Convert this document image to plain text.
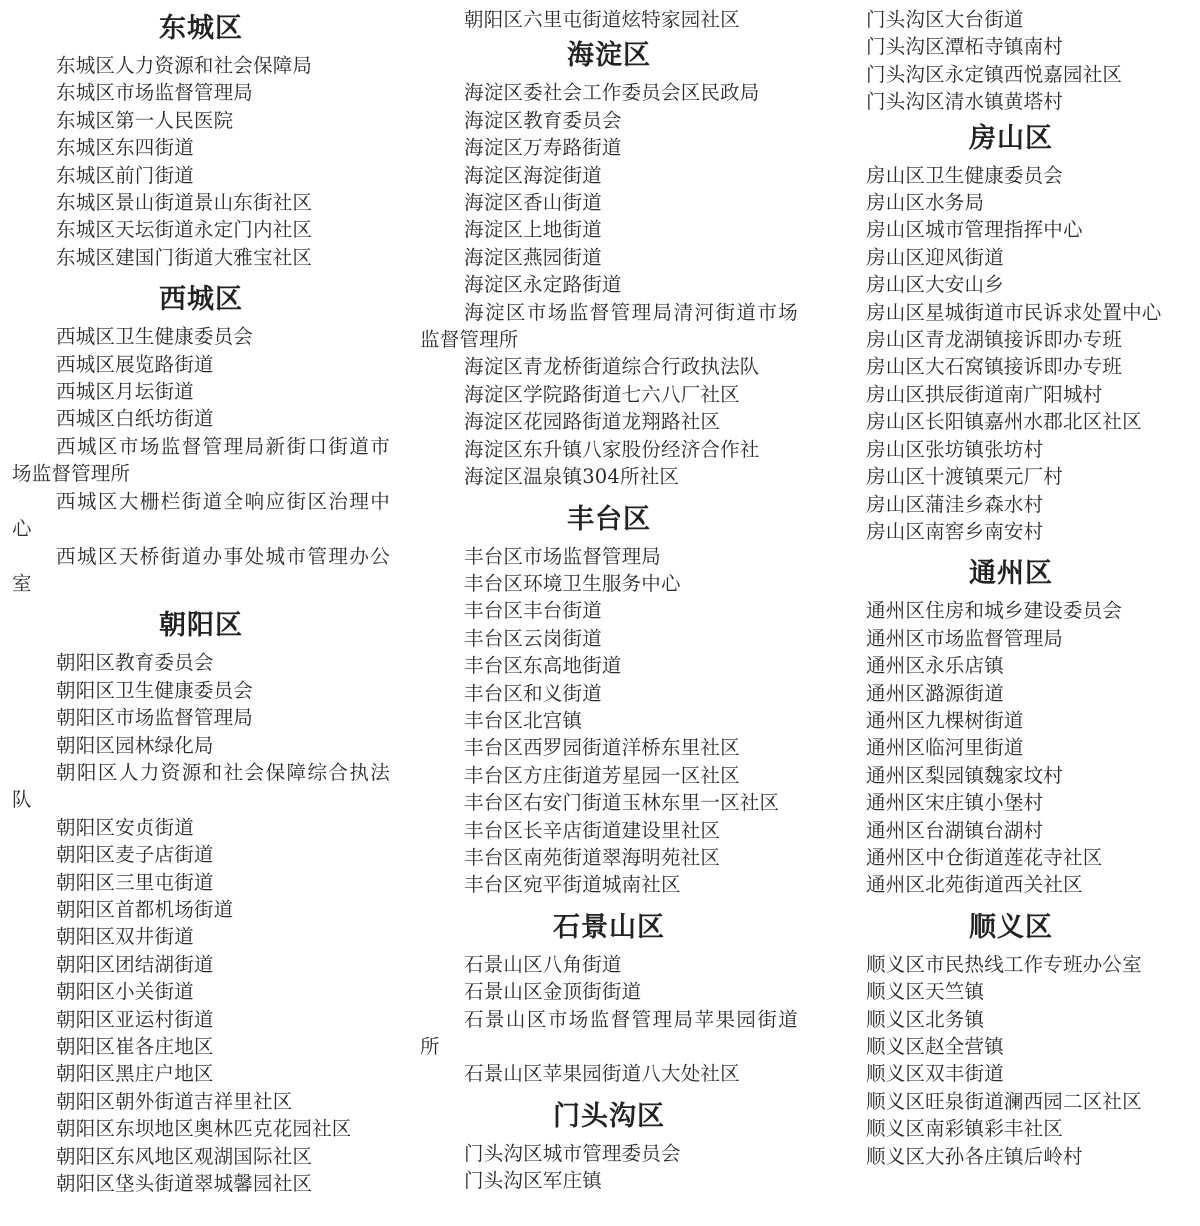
东城区
东城区人力资源和社会保障局
东城区市场监督管理局
东城区第一人民医院
东城区东四街道
东城区前门街道
东城区景山街道景山东街社区
东城区天坛街道永定门内社区
东城区建国门街道大雅宝社区
西城区
西城区卫生健康委员会
西城区展览路街道
西城区月坛街道
西城区白纸坊街道
西城区市场监督管理局新街口街道市场监督管理所
西城区大栅栏街道全响应街区治理中心
西城区天桥街道办事处城市管理办公室
朝阳区
朝阳区教育委员会
朝阳区卫生健康委员会
朝阳区市场监督管理局
朝阳区园林绿化局
朝阳区人力资源和社会保障综合执法队
朝阳区安贞街道
朝阳区麦子店街道
朝阳区三里屯街道
朝阳区首都机场街道
朝阳区双井街道
朝阳区团结湖街道
朝阳区小关街道
朝阳区亚运村街道
朝阳区崔各庄地区
朝阳区黑庄户地区
朝阳区朝外街道吉祥里社区
朝阳区东坝地区奥林匹克花园社区
朝阳区东风地区观湖国际社区
朝阳区垡头街道翠城馨园社区
朝阳区六里屯街道炫特家园社区
海淀区
海淀区委社会工作委员会区民政局
海淀区教育委员会
海淀区万寿路街道
海淀区海淀街道
海淀区香山街道
海淀区上地街道
海淀区燕园街道
海淀区永定路街道
海淀区市场监督管理局清河街道市场监督管理所
海淀区青龙桥街道综合行政执法队
海淀区学院路街道七六八厂社区
海淀区花园路街道龙翔路社区
海淀区东升镇八家股份经济合作社
海淀区温泉镇304所社区
丰台区
丰台区市场监督管理局
丰台区环境卫生服务中心
丰台区丰台街道
丰台区云岗街道
丰台区东高地街道
丰台区和义街道
丰台区北宫镇
丰台区西罗园街道洋桥东里社区
丰台区方庄街道芳星园一区社区
丰台区右安门街道玉林东里一区社区
丰台区长辛店街道建设里社区
丰台区南苑街道翠海明苑社区
丰台区宛平街道城南社区
石景山区
石景山区八角街道
石景山区金顶街街道
石景山区市场监督管理局苹果园街道所
石景山区苹果园街道八大处社区
门头沟区
门头沟区城市管理委员会
门头沟区军庄镇
门头沟区大台街道
门头沟区潭柘寺镇南村
门头沟区永定镇西悦嘉园社区
门头沟区清水镇黄塔村
房山区
房山区卫生健康委员会
房山区水务局
房山区城市管理指挥中心
房山区迎风街道
房山区大安山乡
房山区星城街道市民诉求处置中心
房山区青龙湖镇接诉即办专班
房山区大石窝镇接诉即办专班
房山区拱辰街道南广阳城村
房山区长阳镇嘉州水郡北区社区
房山区张坊镇张坊村
房山区十渡镇栗元厂村
房山区蒲洼乡森水村
房山区南窖乡南安村
通州区
通州区住房和城乡建设委员会
通州区市场监督管理局
通州区永乐店镇
通州区潞源街道
通州区九棵树街道
通州区临河里街道
通州区梨园镇魏家坟村
通州区宋庄镇小堡村
通州区台湖镇台湖村
通州区中仓街道莲花寺社区
通州区北苑街道西关社区
顺义区
顺义区市民热线工作专班办公室
顺义区天竺镇
顺义区北务镇
顺义区赵全营镇
顺义区双丰街道
顺义区旺泉街道澜西园二区社区
顺义区南彩镇彩丰社区
顺义区大孙各庄镇后岭村
